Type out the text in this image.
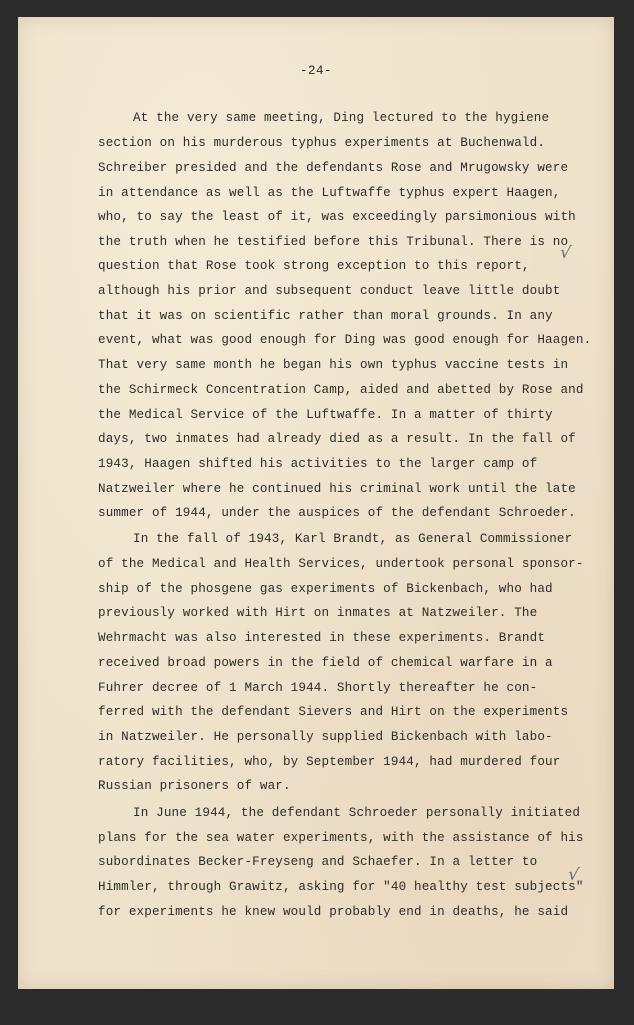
-24-
At the very same meeting, Ding lectured to the hygiene
section on his murderous typhus experiments at Buchenwald.
Schreiber presided and the defendants Rose and Mrugowsky were
in attendance as well as the Luftwaffe typhus expert Haagen,
who, to say the least of it, was exceedingly parsimonious with
the truth when he testified before this Tribunal. There is no
question that Rose took strong exception to this report,
although his prior and subsequent conduct leave little doubt
that it was on scientific rather than moral grounds. In any
event, what was good enough for Ding was good enough for Haagen.
That very same month he began his own typhus vaccine tests in
the Schirmeck Concentration Camp, aided and abetted by Rose and
the Medical Service of the Luftwaffe. In a matter of thirty
days, two inmates had already died as a result. In the fall of
1943, Haagen shifted his activities to the larger camp of
Natzweiler where he continued his criminal work until the late
summer of 1944, under the auspices of the defendant Schroeder.
In the fall of 1943, Karl Brandt, as General Commissioner
of the Medical and Health Services, undertook personal sponsor-
ship of the phosgene gas experiments of Bickenbach, who had
previously worked with Hirt on inmates at Natzweiler. The
Wehrmacht was also interested in these experiments. Brandt
received broad powers in the field of chemical warfare in a
Fuhrer decree of 1 March 1944. Shortly thereafter he con-
ferred with the defendant Sievers and Hirt on the experiments
in Natzweiler. He personally supplied Bickenbach with labo-
ratory facilities, who, by September 1944, had murdered four
Russian prisoners of war.
In June 1944, the defendant Schroeder personally initiated
plans for the sea water experiments, with the assistance of his
subordinates Becker-Freyseng and Schaefer. In a letter to
Himmler, through Grawitz, asking for "40 healthy test subjects"
for experiments he knew would probably end in deaths, he said
√
√
